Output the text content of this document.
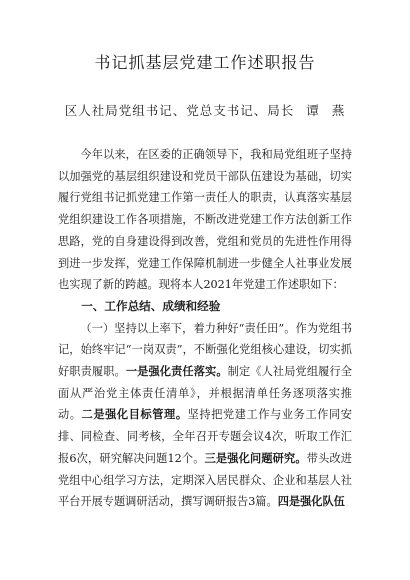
书记抓基层党建工作述职报告
区人社局党组书记、党总支书记、局长 谭 燕

今年以来，在区委的正确领导下，我和局党组班子坚持以加强党的基层组织建设和党员干部队伍建设为基础，切实履行党组书记抓党建工作第一责任人的职责，认真落实基层党组织建设工作各项措施，不断改进党建工作方法创新工作思路，党的自身建设得到改善，党组和党员的先进性作用得到进一步发挥，党建工作保障机制进一步健全人社事业发展也实现了新的跨越。现将本人2021年党建工作述职如下：

一、工作总结、成绩和经验

（一）坚持以上率下，着力种好“责任田”。作为党组书记，始终牢记“一岗双责”，不断强化党组核心建设，切实抓好职责履职。一是强化责任落实。制定《人社局党组履行全面从严治党主体责任清单》，并根据清单任务逐项落实推动。二是强化目标管理。坚持把党建工作与业务工作同安排、同检查、同考核，全年召开专题会议4次，听取工作汇报6次，研究解决问题12个。三是强化问题研究。带头改进党组中心组学习方法，定期深入居民群众、企业和基层人社平台开展专题调研活动，撰写调研报告3篇。四是强化队伍
